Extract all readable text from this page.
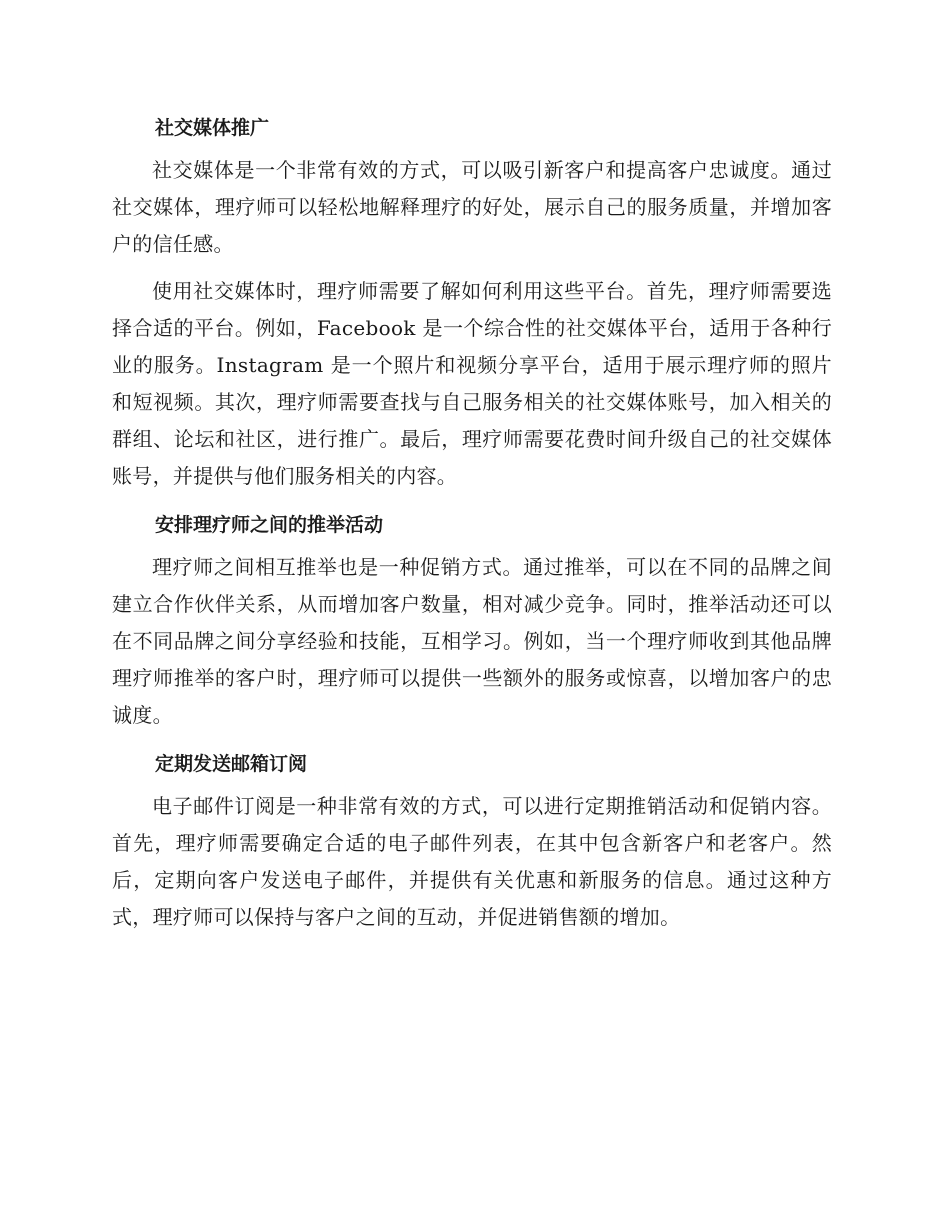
社交媒体推广

社交媒体是一个非常有效的方式，可以吸引新客户和提高客户忠诚度。通过社交媒体，理疗师可以轻松地解释理疗的好处，展示自己的服务质量，并增加客户的信任感。

使用社交媒体时，理疗师需要了解如何利用这些平台。首先，理疗师需要选择合适的平台。例如，Facebook 是一个综合性的社交媒体平台，适用于各种行业的服务。Instagram 是一个照片和视频分享平台，适用于展示理疗师的照片和短视频。其次，理疗师需要查找与自己服务相关的社交媒体账号，加入相关的群组、论坛和社区，进行推广。最后，理疗师需要花费时间升级自己的社交媒体账号，并提供与他们服务相关的内容。

安排理疗师之间的推举活动

理疗师之间相互推举也是一种促销方式。通过推举，可以在不同的品牌之间建立合作伙伴关系，从而增加客户数量，相对减少竞争。同时，推举活动还可以在不同品牌之间分享经验和技能，互相学习。例如，当一个理疗师收到其他品牌理疗师推举的客户时，理疗师可以提供一些额外的服务或惊喜，以增加客户的忠诚度。

定期发送邮箱订阅

电子邮件订阅是一种非常有效的方式，可以进行定期推销活动和促销内容。首先，理疗师需要确定合适的电子邮件列表，在其中包含新客户和老客户。然后，定期向客户发送电子邮件，并提供有关优惠和新服务的信息。通过这种方式，理疗师可以保持与客户之间的互动，并促进销售额的增加。
